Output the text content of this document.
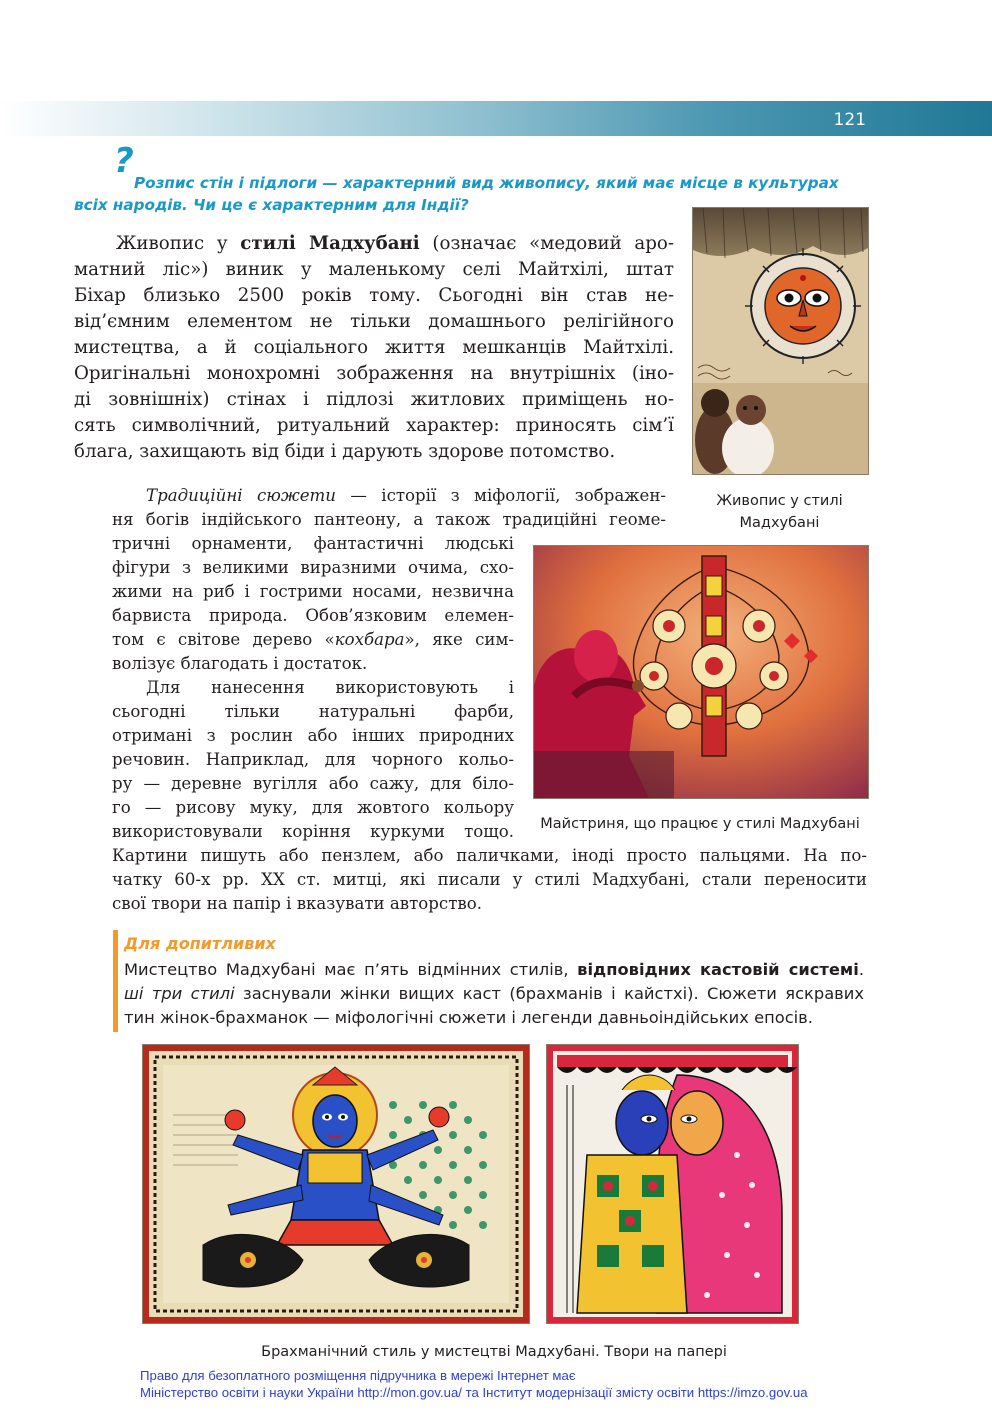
121
?
Розпис стін і підлоги — характерний вид живопису, який має місце в культурах
всіх народів. Чи це є характерним для Індії?
Живопис у стилі Мадхубані (означає «медовий аро-
матний ліс») виник у маленькому селі Майтхілі, штат
Біхар близько 2500 років тому. Сьогодні він став не-
від’ємним елементом не тільки домашнього релігійного
мистецтва, а й соціального життя мешканців Майтхілі.
Оригінальні монохромні зображення на внутрішніх (іно-
ді зовнішніх) стінах і підлозі житлових приміщень но-
сять символічний, ритуальний характер: приносять сім’ї
блага, захищають від біди і дарують здорове потомство.
Живопис у стилі
Мадхубані
Традиційні сюжети — історії з міфології, зображен-
ня богів індійського пантеону, а також традиційні геоме-
тричні орнаменти, фантастичні людські
фігури з великими виразними очима, схо-
жими на риб і гострими носами, незвична
барвиста природа. Обов’язковим елемен-
том є світове дерево «кохбара», яке сим-
волізує благодать і достаток.
Майстриня, що працює у стилі Мадхубані
Для нанесення використовують і
сьогодні тільки натуральні фарби,
отримані з рослин або інших природних
речовин. Наприклад, для чорного кольо-
ру — деревне вугілля або сажу, для біло-
го — рисову муку, для жовтого кольору
використовували коріння куркуми тощо.
Картини пишуть або пензлем, або паличками, іноді просто пальцями. На по-
чатку 60-х рр. ХХ ст. митці, які писали у стилі Мадхубані, стали переносити
свої твори на папір і вказувати авторство.
Для допитливих
Мистецтво Мадхубані має п’ять відмінних стилів, відповідних кастовій системі.
ші три стилі заснували жінки вищих каст (брахманів і кайстхі). Сюжети яскравих
тин жінок-брахманок — міфологічні сюжети і легенди давньоіндійських епосів.
Брахманічний стиль у мистецтві Мадхубані. Твори на папері
Право для безоплатного розміщення підручника в мережі Інтернет має
Міністерство освіти і науки України http://mon.gov.ua/ та Інститут модернізації змісту освіти https://imzo.gov.ua
